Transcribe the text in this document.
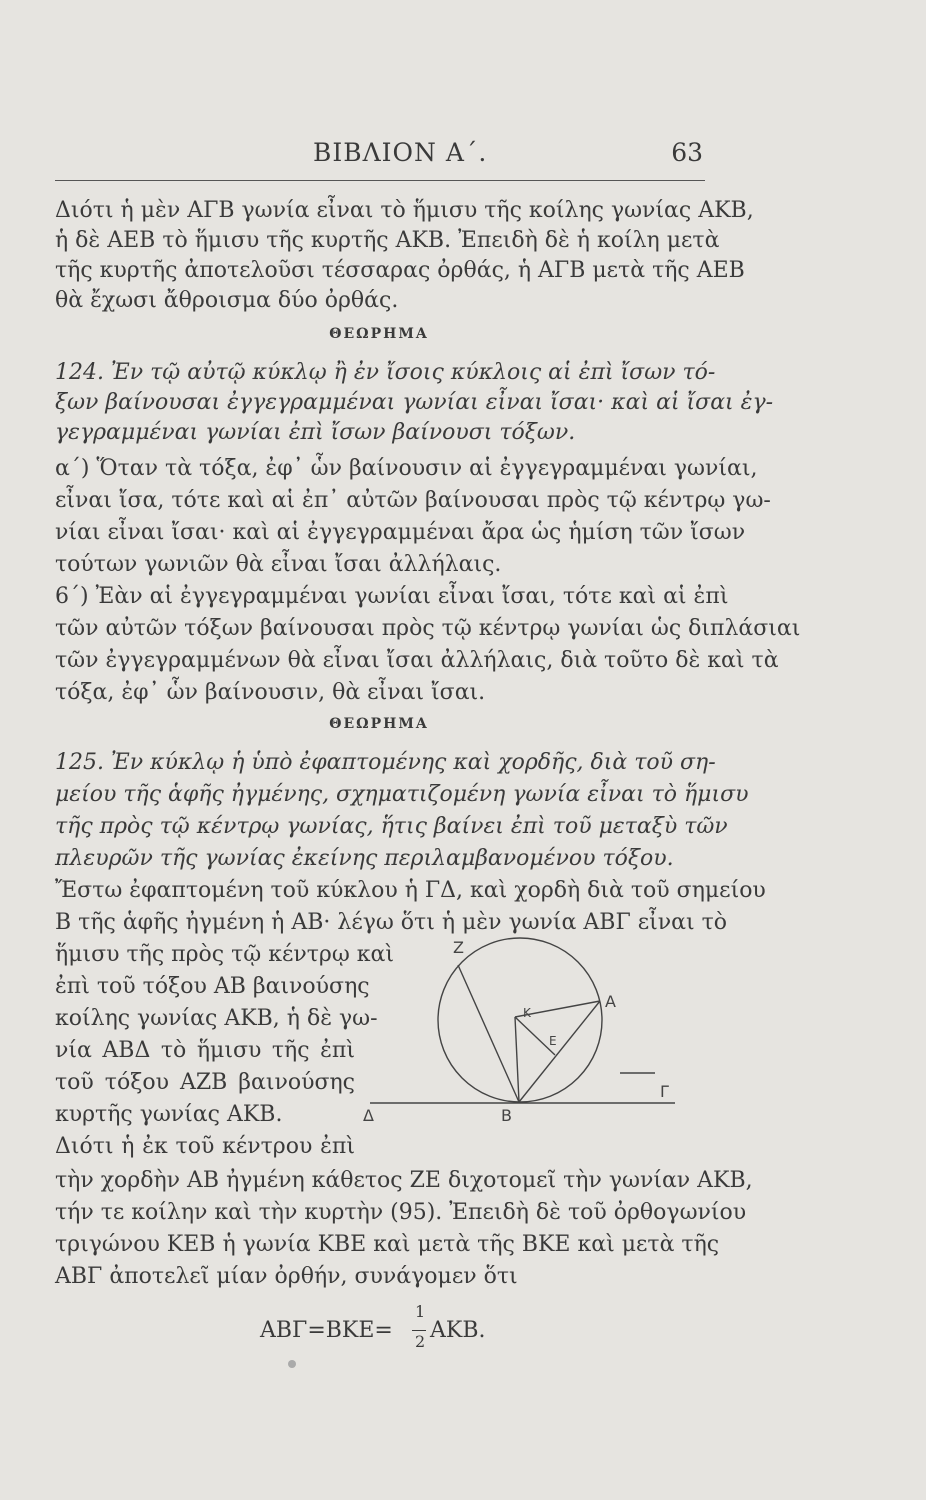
ΒΙΒΛΙΟΝ Α΄.	63
Διότι ἡ μὲν ΑΓΒ γωνία εἶναι τὸ ἥμισυ τῆς κοίλης γωνίας ΑΚΒ,
ἡ δὲ ΑΕΒ τὸ ἥμισυ τῆς κυρτῆς ΑΚΒ. Ἐπειδὴ δὲ ἡ κοίλη μετὰ
τῆς κυρτῆς ἀποτελοῦσι τέσσαρας ὀρθάς, ἡ ΑΓΒ μετὰ τῆς ΑΕΒ
θὰ ἔχωσι ἄθροισμα δύο ὀρθάς.
ΘΕΩΡΗΜΑ
124. Ἐν τῷ αὐτῷ κύκλῳ ἢ ἐν ἴσοις κύκλοις αἱ ἐπὶ ἴσων τό-
ξων βαίνουσαι ἐγγεγραμμέναι γωνίαι εἶναι ἴσαι· καὶ αἱ ἴσαι ἐγ-
γεγραμμέναι γωνίαι ἐπὶ ἴσων βαίνουσι τόξων.
α΄) Ὅταν τὰ τόξα, ἐφ᾽ ὧν βαίνουσιν αἱ ἐγγεγραμμέναι γωνίαι,
εἶναι ἴσα, τότε καὶ αἱ ἐπ᾽ αὐτῶν βαίνουσαι πρὸς τῷ κέντρῳ γω-
νίαι εἶναι ἴσαι· καὶ αἱ ἐγγεγραμμέναι ἄρα ὡς ἡμίση τῶν ἴσων
τούτων γωνιῶν θὰ εἶναι ἴσαι ἀλλήλαις.
6΄) Ἐὰν αἱ ἐγγεγραμμέναι γωνίαι εἶναι ἴσαι, τότε καὶ αἱ ἐπὶ
τῶν αὐτῶν τόξων βαίνουσαι πρὸς τῷ κέντρῳ γωνίαι ὡς διπλάσιαι
τῶν ἐγγεγραμμένων θὰ εἶναι ἴσαι ἀλλήλαις, διὰ τοῦτο δὲ καὶ τὰ
τόξα, ἐφ᾽ ὧν βαίνουσιν, θὰ εἶναι ἴσαι.
ΘΕΩΡΗΜΑ
125. Ἐν κύκλῳ ἡ ὑπὸ ἐφαπτομένης καὶ χορδῆς, διὰ τοῦ ση-
μείου τῆς ἁφῆς ἠγμένης, σχηματιζομένη γωνία εἶναι τὸ ἥμισυ
τῆς πρὸς τῷ κέντρῳ γωνίας, ἥτις βαίνει ἐπὶ τοῦ μεταξὺ τῶν
πλευρῶν τῆς γωνίας ἐκείνης περιλαμβανομένου τόξου.
Ἔστω ἐφαπτομένη τοῦ κύκλου ἡ ΓΔ, καὶ χορδὴ διὰ τοῦ σημείου
Β τῆς ἁφῆς ἠγμένη ἡ ΑΒ· λέγω ὅτι ἡ μὲν γωνία ΑΒΓ εἶναι τὸ
ἥμισυ τῆς πρὸς τῷ κέντρῳ καὶ
ἐπὶ τοῦ τόξου ΑΒ βαινούσης
κοίλης γωνίας ΑΚΒ, ἡ δὲ γω-
νία ΑΒΔ τὸ ἥμισυ τῆς ἐπὶ
τοῦ τόξου ΑΖΒ βαινούσης
κυρτῆς γωνίας ΑΚΒ.
Διότι ἡ ἐκ τοῦ κέντρου ἐπὶ
τὴν χορδὴν ΑΒ ἠγμένη κάθετος ΖΕ διχοτομεῖ τὴν γωνίαν ΑΚΒ,
τήν τε κοίλην καὶ τὴν κυρτὴν (95). Ἐπειδὴ δὲ τοῦ ὀρθογωνίου
τριγώνου ΚΕΒ ἡ γωνία ΚΒΕ καὶ μετὰ τῆς ΒΚΕ καὶ μετὰ τῆς
ΑΒΓ ἀποτελεῖ μίαν ὀρθήν, συνάγομεν ὅτι
ΑΒΓ=ΒΚΕ=
1
2 ΑΚΒ.
Z
K
E
A
B
Δ
Γ
